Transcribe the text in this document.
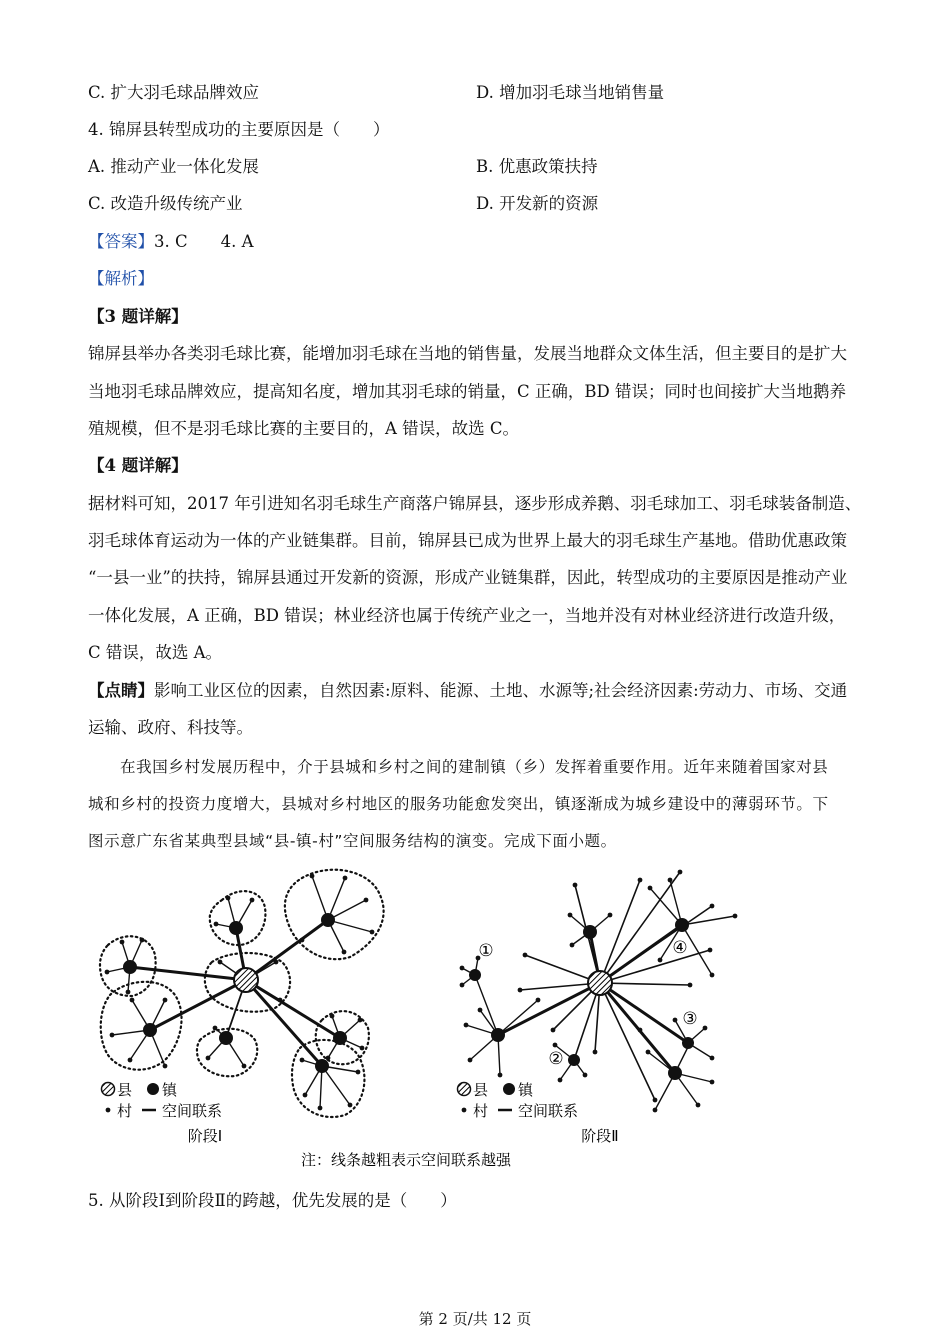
C. 扩大羽毛球品牌效应	D. 增加羽毛球当地销售量
4. 锦屏县转型成功的主要原因是（　　）
A. 推动产业一体化发展	B. 优惠政策扶持
C. 改造升级传统产业	D. 开发新的资源
【答案】3. C　　4. A
【解析】
【3 题详解】
锦屏县举办各类羽毛球比赛，能增加羽毛球在当地的销售量，发展当地群众文体生活，但主要目的是扩大
当地羽毛球品牌效应，提高知名度，增加其羽毛球的销量，C 正确，BD 错误；同时也间接扩大当地鹅养
殖规模，但不是羽毛球比赛的主要目的，A 错误，故选 C。
【4 题详解】
据材料可知，2017 年引进知名羽毛球生产商落户锦屏县，逐步形成养鹅、羽毛球加工、羽毛球装备制造、
羽毛球体育运动为一体的产业链集群。目前，锦屏县已成为世界上最大的羽毛球生产基地。借助优惠政策
“一县一业”的扶持，锦屏县通过开发新的资源，形成产业链集群，因此，转型成功的主要原因是推动产业
一体化发展，A 正确，BD 错误；林业经济也属于传统产业之一，当地并没有对林业经济进行改造升级，
C 错误，故选 A。
【点睛】影响工业区位的因素，自然因素:原料、能源、土地、水源等;社会经济因素:劳动力、市场、交通
运输、政府、科技等。
在我国乡村发展历程中，介于县城和乡村之间的建制镇（乡）发挥着重要作用。近年来随着国家对县
城和乡村的投资力度增大，县城对乡村地区的服务功能愈发突出，镇逐渐成为城乡建设中的薄弱环节。下
图示意广东省某典型县域“县-镇-村”空间服务结构的演变。完成下面小题。
①
②
③
④
县 镇
村 空间联系
县 镇
村 空间联系
阶段Ⅰ	阶段Ⅱ
注：线条越粗表示空间联系越强
5. 从阶段Ⅰ到阶段Ⅱ的跨越，优先发展的是（　　）
第 2 页/共 12 页
